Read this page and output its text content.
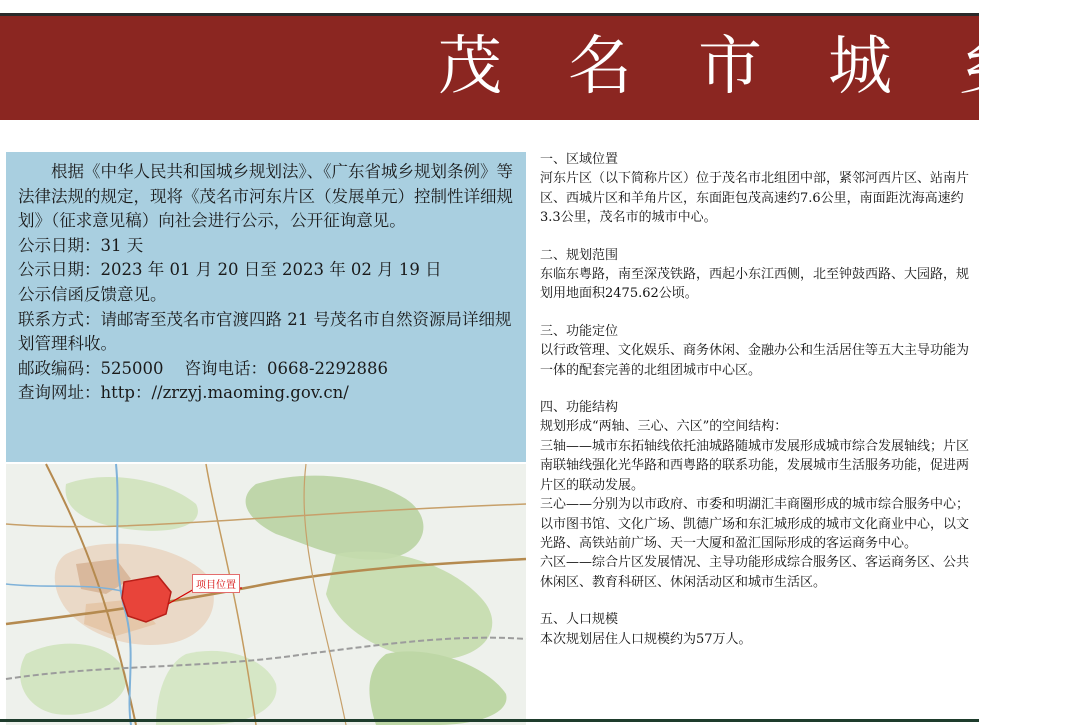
茂名市城乡

根据《中华人民共和国城乡规划法》、《广东省城乡规划条例》等法律法规的规定，现将《茂名市河东片区（发展单元）控制性详细规划》（征求意见稿）向社会进行公示，公开征询意见。

公示日期：31 天

公示日期：2023 年 01 月 20 日至 2023 年 02 月 19 日

公示信函反馈意见。

联系方式：请邮寄至茂名市官渡四路 21 号茂名市自然资源局详细规划管理科收。

邮政编码：525000    咨询电话：0668-2292886

查询网址：http：//zrzyj.maoming.gov.cn/

项目位置
一、区域位置

河东片区（以下简称片区）位于茂名市北组团中部，紧邻河西片区、站南片区、西城片区和羊角片区，东面距包茂高速约7.6公里，南面距沈海高速约3.3公里，茂名市的城市中心。

二、规划范围

东临东粤路，南至深茂铁路，西起小东江西侧，北至钟鼓西路、大园路，规划用地面积2475.62公顷。

三、功能定位

以行政管理、文化娱乐、商务休闲、金融办公和生活居住等五大主导功能为一体的配套完善的北组团城市中心区。

四、功能结构

规划形成“两轴、三心、六区”的空间结构：

三轴——城市东拓轴线依托油城路随城市发展形成城市综合发展轴线；片区南联轴线强化光华路和西粤路的联系功能，发展城市生活服务功能，促进两片区的联动发展。

三心——分别为以市政府、市委和明湖汇丰商圈形成的城市综合服务中心；以市图书馆、文化广场、凯德广场和东汇城形成的城市文化商业中心，以文光路、高铁站前广场、天一大厦和盈汇国际形成的客运商务中心。

六区——综合片区发展情况、主导功能形成综合服务区、客运商务区、公共休闲区、教育科研区、休闲活动区和城市生活区。

五、人口规模

本次规划居住人口规模约为57万人。
